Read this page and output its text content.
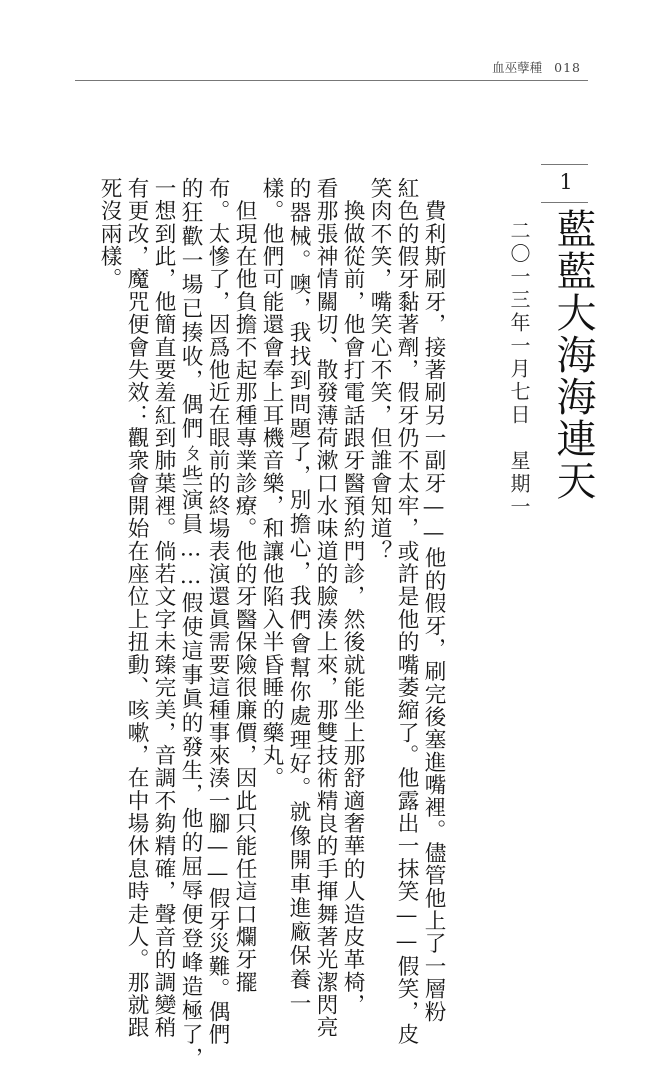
血巫孽種 018
1
藍藍大海海連天
二〇一三年一月七日　星期一
　費利斯刷牙，接著刷另一副牙——他的假牙，刷完後塞進嘴裡。儘管他上了一層粉
紅色的假牙黏著劑，假牙仍不太牢，或許是他的嘴萎縮了。他露出一抹笑——假笑，皮
笑肉不笑，嘴笑心不笑，但誰會知道？
　換做從前，他會打電話跟牙醫預約門診，然後就能坐上那舒適奢華的人造皮革椅，
看那張神情關切、散發薄荷漱口水味道的臉湊上來，那雙技術精良的手揮舞著光潔閃亮
的器械。噢，我找到問題了，別擔心，我們會幫你處理好。就像開車進廠保養一
樣。他們可能還會奉上耳機音樂，和讓他陷入半昏睡的藥丸。
　但現在他負擔不起那種專業診療。他的牙醫保險很廉價，因此只能任這口爛牙擺
布。太慘了，因爲他近在眼前的終場表演還眞需要這種事來湊一腳——假牙災難。偶們
的狂歡一場已揍收，偶們ㄆ些演員……假使這事眞的發生，他的屈辱便登峰造極了，
一想到此，他簡直要羞紅到肺葉裡。倘若文字未臻完美，音調不夠精確，聲音的調變稍
有更改，魔咒便會失效：觀衆會開始在座位上扭動、咳嗽，在中場休息時走人。那就跟
死沒兩樣。
